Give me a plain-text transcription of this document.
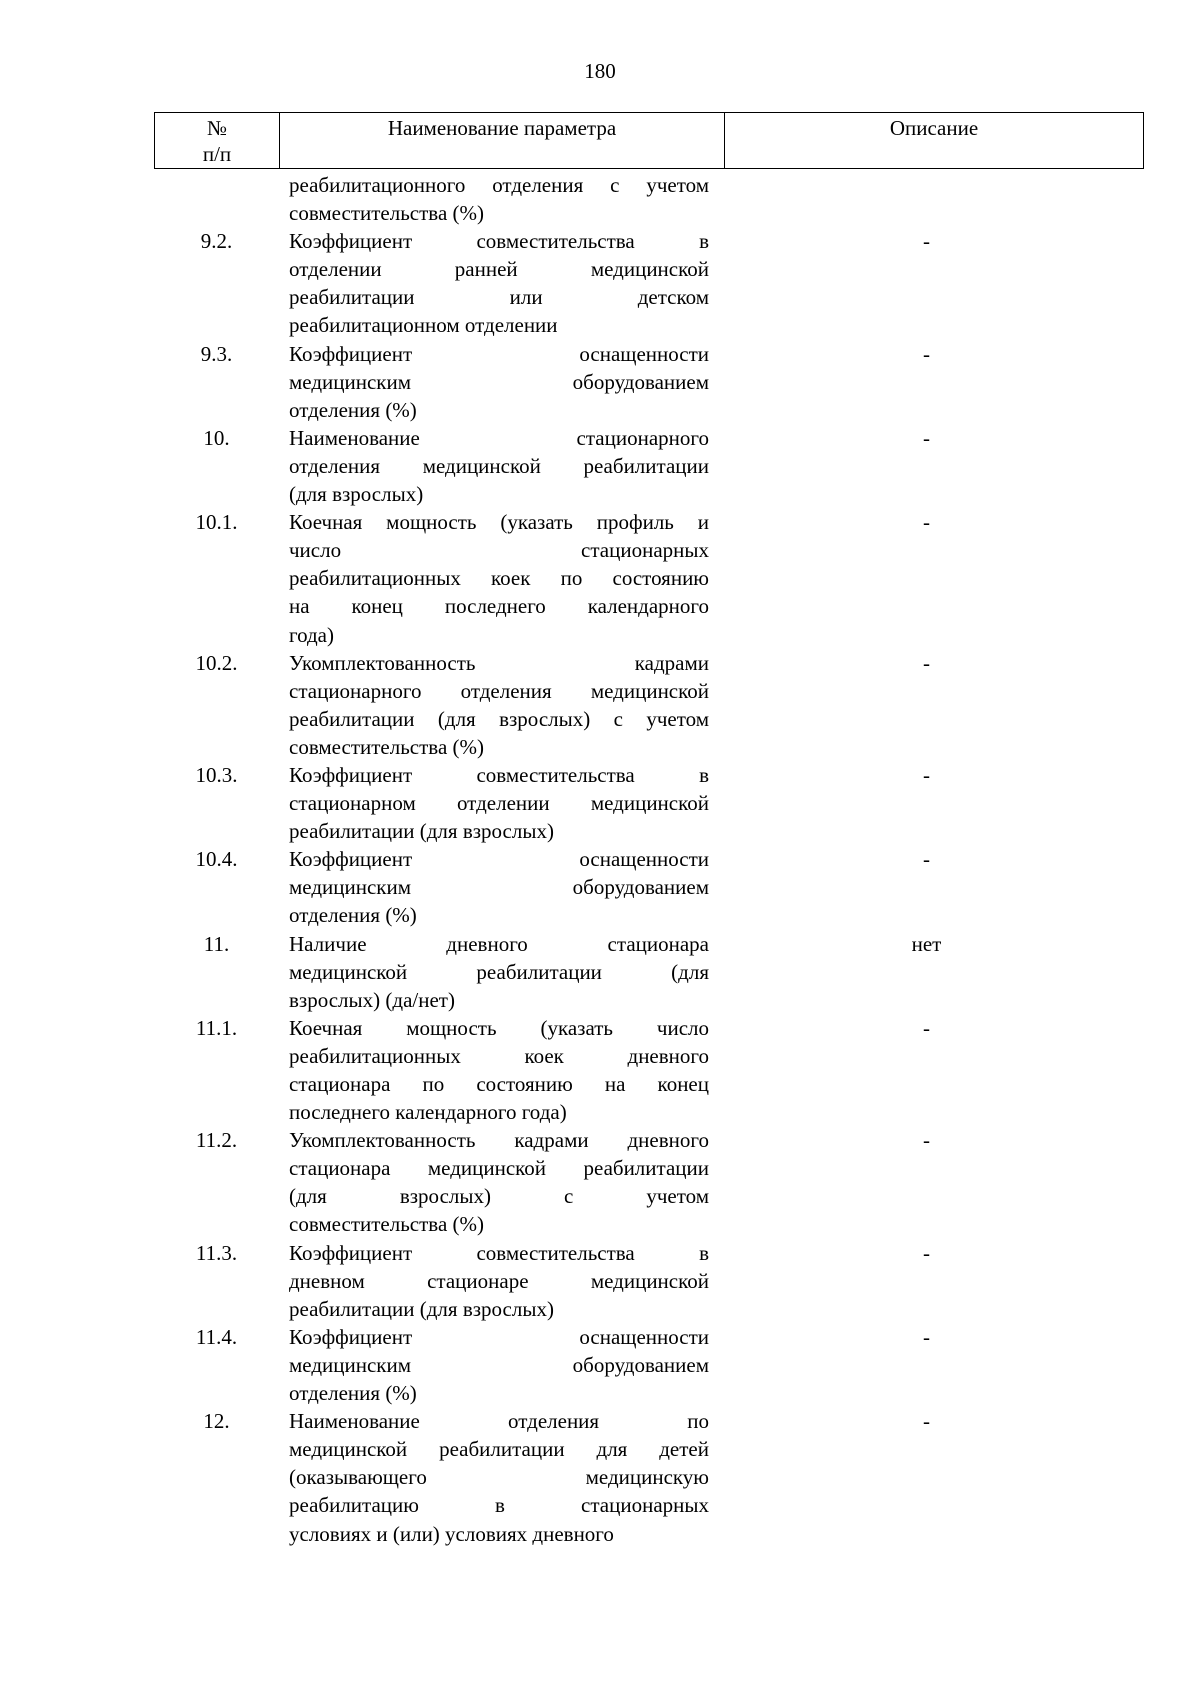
180
№
п/п
Наименование параметра	Описание
реабилитационного отделения с учетом
совместительства (%)
9.2.	Коэффициент совместительства в
отделении ранней медицинской
реабилитации или детском
реабилитационном отделении
-
9.3.	Коэффициент оснащенности
медицинским оборудованием
отделения (%)
-
10.	Наименование стационарного
отделения медицинской реабилитации
(для взрослых)
-
10.1.	Коечная мощность (указать профиль и
число стационарных
реабилитационных коек по состоянию
на конец последнего календарного
года)
-
10.2.	Укомплектованность кадрами
стационарного отделения медицинской
реабилитации (для взрослых) с учетом
совместительства (%)
-
10.3.	Коэффициент совместительства в
стационарном отделении медицинской
реабилитации (для взрослых)
-
10.4.	Коэффициент оснащенности
медицинским оборудованием
отделения (%)
-
11.	Наличие дневного стационара
медицинской реабилитации (для
взрослых) (да/нет)
нет
11.1.	Коечная мощность (указать число
реабилитационных коек дневного
стационара по состоянию на конец
последнего календарного года)
-
11.2.	Укомплектованность кадрами дневного
стационара медицинской реабилитации
(для взрослых) с учетом
совместительства (%)
-
11.3.	Коэффициент совместительства в
дневном стационаре медицинской
реабилитации (для взрослых)
-
11.4.	Коэффициент оснащенности
медицинским оборудованием
отделения (%)
-
12.	Наименование отделения по
медицинской реабилитации для детей
(оказывающего медицинскую
реабилитацию в стационарных
условиях и (или) условиях дневного
-
